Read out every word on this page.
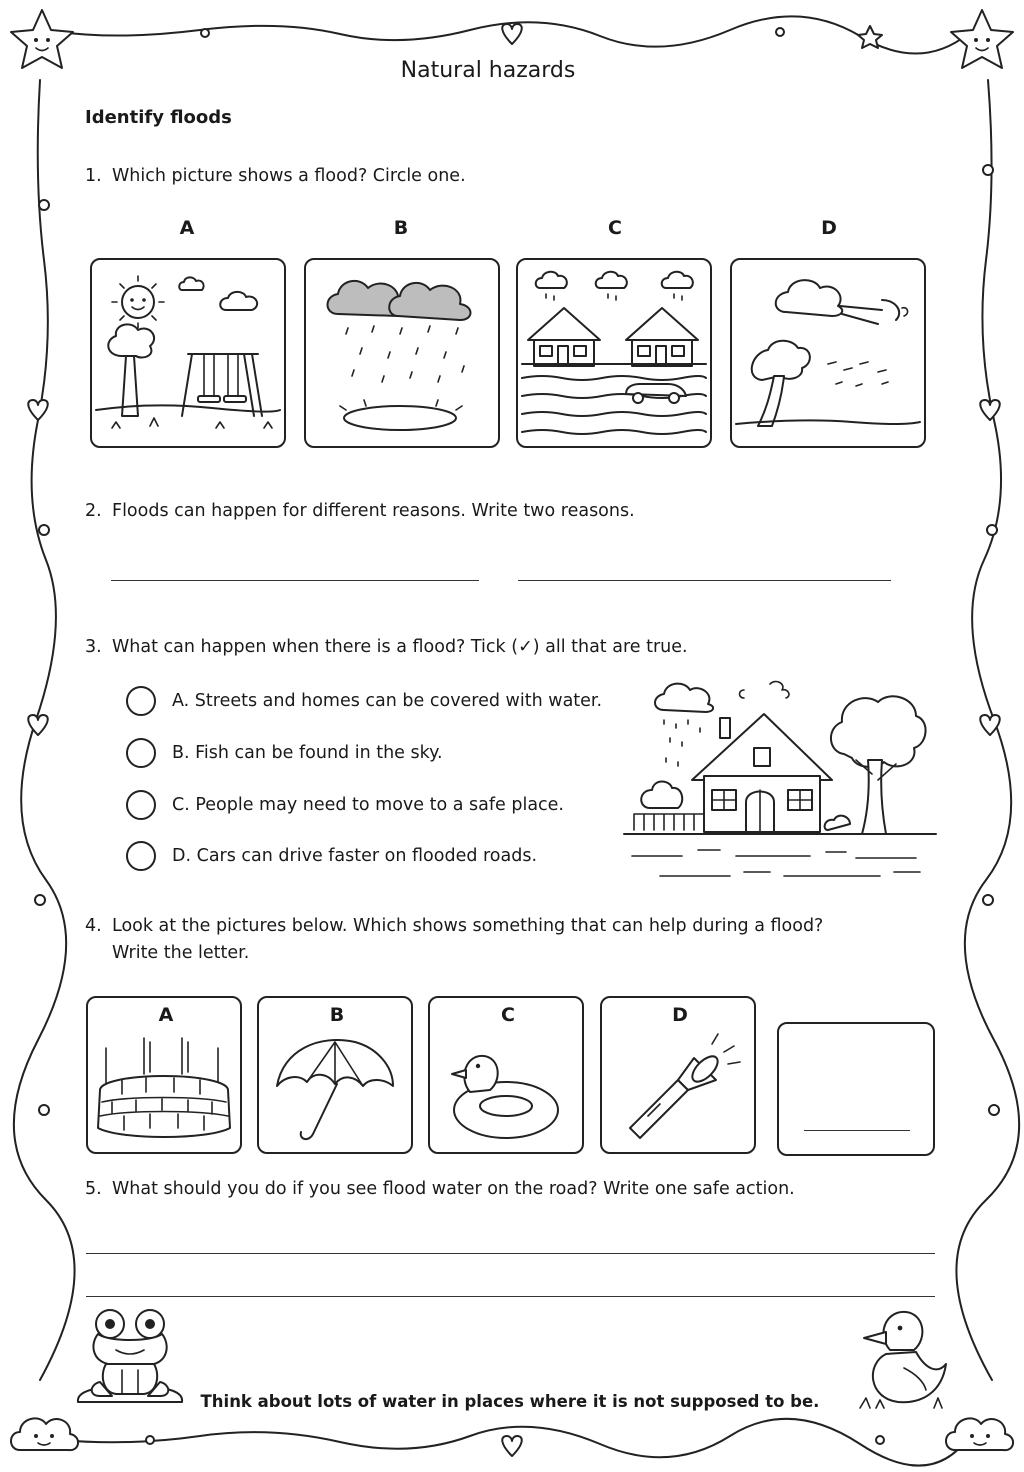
Natural hazards
Identify floods
1. Which picture shows a flood? Circle one.
A	B	C	D
2. Floods can happen for different reasons. Write two reasons.
3. What can happen when there is a flood? Tick (✓) all that are true.
A. Streets and homes can be covered with water.
B. Fish can be found in the sky.
C. People may need to move to a safe place.
D. Cars can drive faster on flooded roads.
4. Look at the pictures below. Which shows something that can help during a flood?
Write the letter.
A	B	C	D
5. What should you do if you see flood water on the road? Write one safe action.
Think about lots of water in places where it is not supposed to be.
